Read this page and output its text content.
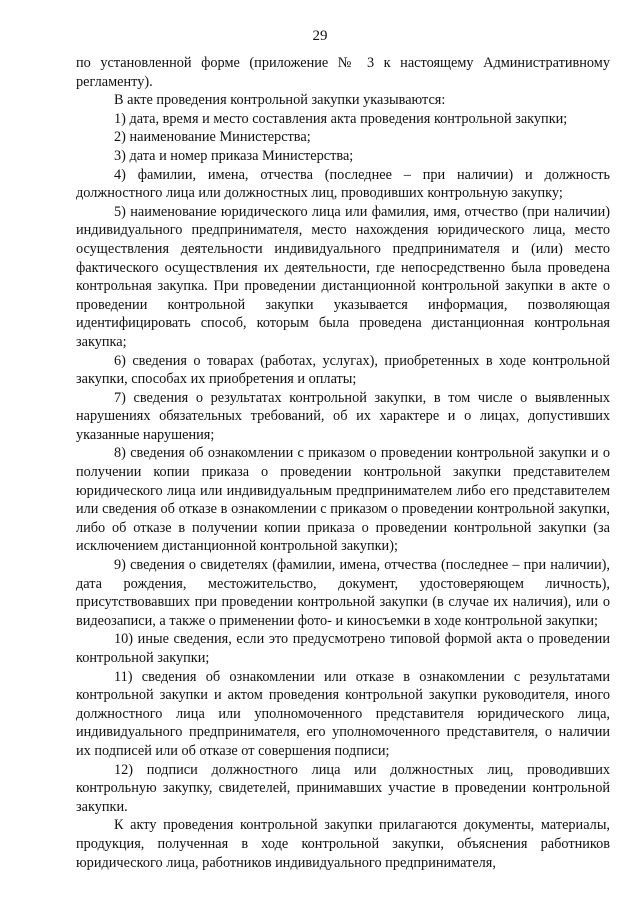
29

по установленной форме (приложение № 3 к настоящему Административному регламенту).

В акте проведения контрольной закупки указываются:

1) дата, время и место составления акта проведения контрольной закупки;

2) наименование Министерства;

3) дата и номер приказа Министерства;

4) фамилии, имена, отчества (последнее – при наличии) и должность должностного лица или должностных лиц, проводивших контрольную закупку;

5) наименование юридического лица или фамилия, имя, отчество (при наличии) индивидуального предпринимателя, место нахождения юридического лица, место осуществления деятельности индивидуального предпринимателя и (или) место фактического осуществления их деятельности, где непосредственно была проведена контрольная закупка. При проведении дистанционной контрольной закупки в акте о проведении контрольной закупки указывается информация, позволяющая идентифицировать способ, которым была проведена дистанционная контрольная закупка;

6) сведения о товарах (работах, услугах), приобретенных в ходе контрольной закупки, способах их приобретения и оплаты;

7) сведения о результатах контрольной закупки, в том числе о выявленных нарушениях обязательных требований, об их характере и о лицах, допустивших указанные нарушения;

8) сведения об ознакомлении с приказом о проведении контрольной закупки и о получении копии приказа о проведении контрольной закупки представителем юридического лица или индивидуальным предпринимателем либо его представителем или сведения об отказе в ознакомлении с приказом о проведении контрольной закупки, либо об отказе в получении копии приказа о проведении контрольной закупки (за исключением дистанционной контрольной закупки);

9) сведения о свидетелях (фамилии, имена, отчества (последнее – при наличии), дата рождения, местожительство, документ, удостоверяющем личность), присутствовавших при проведении контрольной закупки (в случае их наличия), или о видеозаписи, а также о применении фото- и киносъемки в ходе контрольной закупки;

10) иные сведения, если это предусмотрено типовой формой акта о проведении контрольной закупки;

11) сведения об ознакомлении или отказе в ознакомлении с результатами контрольной закупки и актом проведения контрольной закупки руководителя, иного должностного лица или уполномоченного представителя юридического лица, индивидуального предпринимателя, его уполномоченного представителя, о наличии их подписей или об отказе от совершения подписи;

12) подписи должностного лица или должностных лиц, проводивших контрольную закупку, свидетелей, принимавших участие в проведении контрольной закупки.

К акту проведения контрольной закупки прилагаются документы, материалы, продукция, полученная в ходе контрольной закупки, объяснения работников юридического лица, работников индивидуального предпринимателя,
